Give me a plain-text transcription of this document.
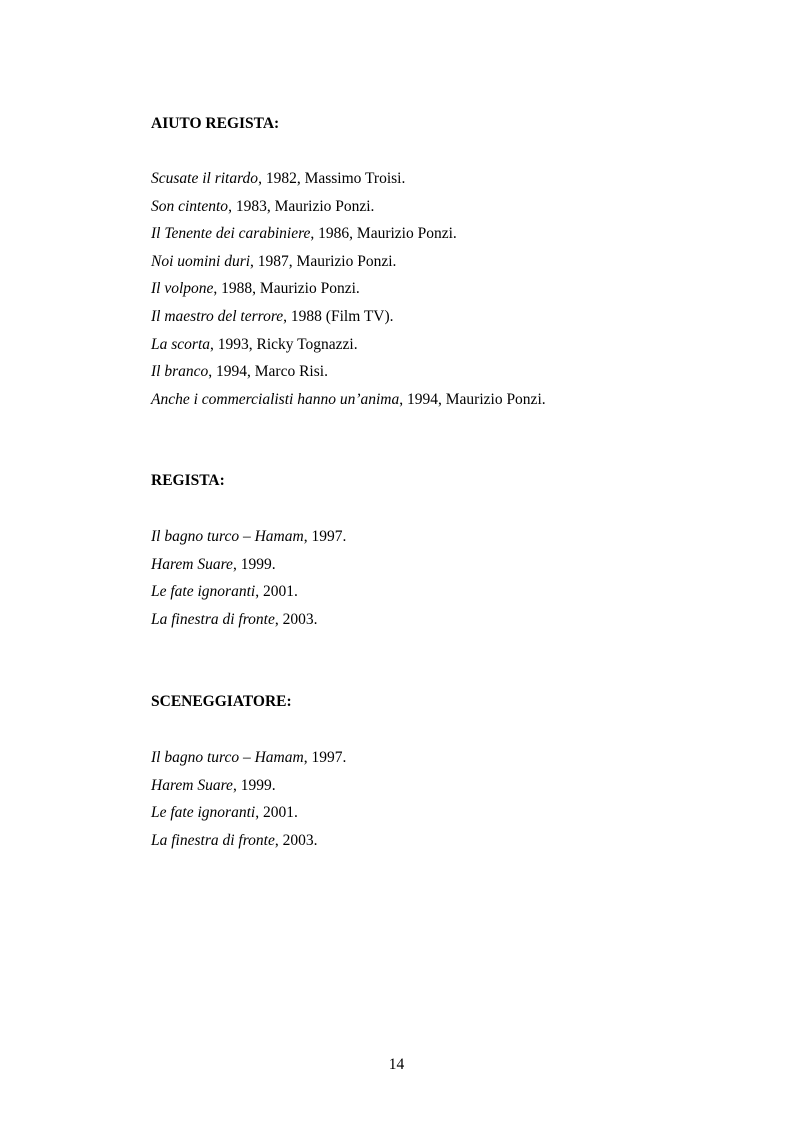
AIUTO REGISTA:
Scusate il ritardo, 1982, Massimo Troisi.
Son cintento, 1983, Maurizio Ponzi.
Il Tenente dei carabiniere, 1986, Maurizio Ponzi.
Noi uomini duri, 1987, Maurizio Ponzi.
Il volpone, 1988, Maurizio Ponzi.
Il maestro del terrore, 1988 (Film TV).
La scorta, 1993, Ricky Tognazzi.
Il branco, 1994, Marco Risi.
Anche i commercialisti hanno un’anima, 1994, Maurizio Ponzi.
REGISTA:
Il bagno turco – Hamam, 1997.
Harem Suare, 1999.
Le fate ignoranti, 2001.
La finestra di fronte, 2003.
SCENEGGIATORE:
Il bagno turco – Hamam, 1997.
Harem Suare, 1999.
Le fate ignoranti, 2001.
La finestra di fronte, 2003.
14
